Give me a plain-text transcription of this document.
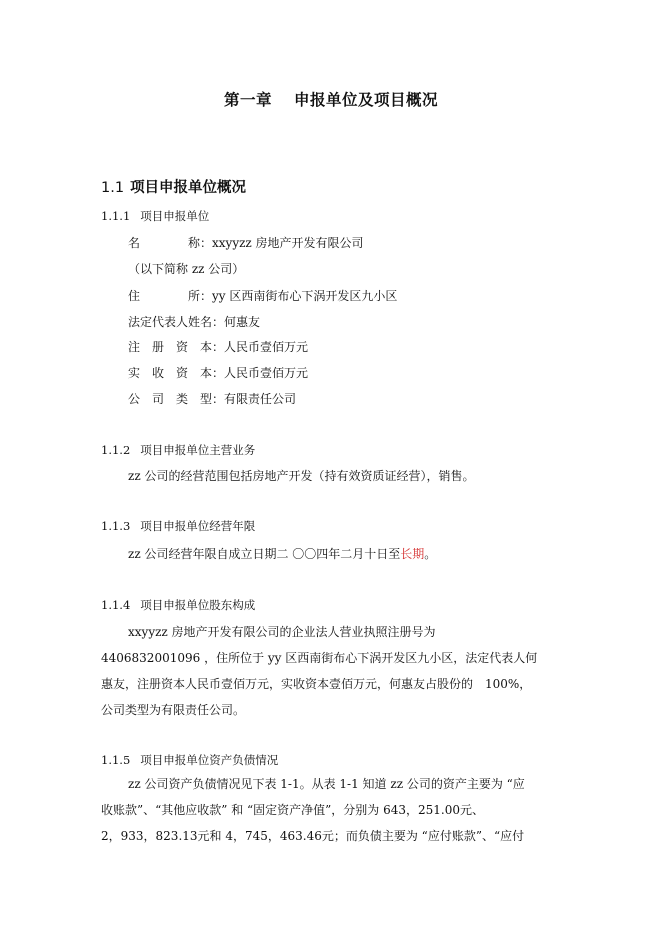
第一章　 申报单位及项目概况
1.1 项目申报单位概况
1.1.1 项目申报单位
名　　　　称：xxyyzz 房地产开发有限公司
（以下简称 zz 公司）
住　　　　所：yy 区西南街布心下涡开发区九小区
法定代表人姓名：何惠友
注　册　资　本：人民币壹佰万元
实　收　资　本：人民币壹佰万元
公　司　类　型：有限责任公司
1.1.2 项目申报单位主营业务
zz 公司的经营范围包括房地产开发（持有效资质证经营），销售。
1.1.3 项目申报单位经营年限
zz 公司经营年限自成立日期二 〇〇四年二月十日至长期。
1.1.4 项目申报单位股东构成
xxyyzz 房地产开发有限公司的企业法人营业执照注册号为
4406832001096 ，住所位于 yy 区西南街布心下涡开发区九小区，法定代表人何
惠友，注册资本人民币壹佰万元，实收资本壹佰万元，何惠友占股份的　100%，
公司类型为有限责任公司。
1.1.5 项目申报单位资产负债情况
zz 公司资产负债情况见下表 1-1。从表 1-1 知道 zz 公司的资产主要为 “应
收账款”、“其他应收款” 和 “固定资产净值”，分别为 643，251.00元、
2，933，823.13元和 4，745，463.46元；而负债主要为 “应付账款”、“应付
